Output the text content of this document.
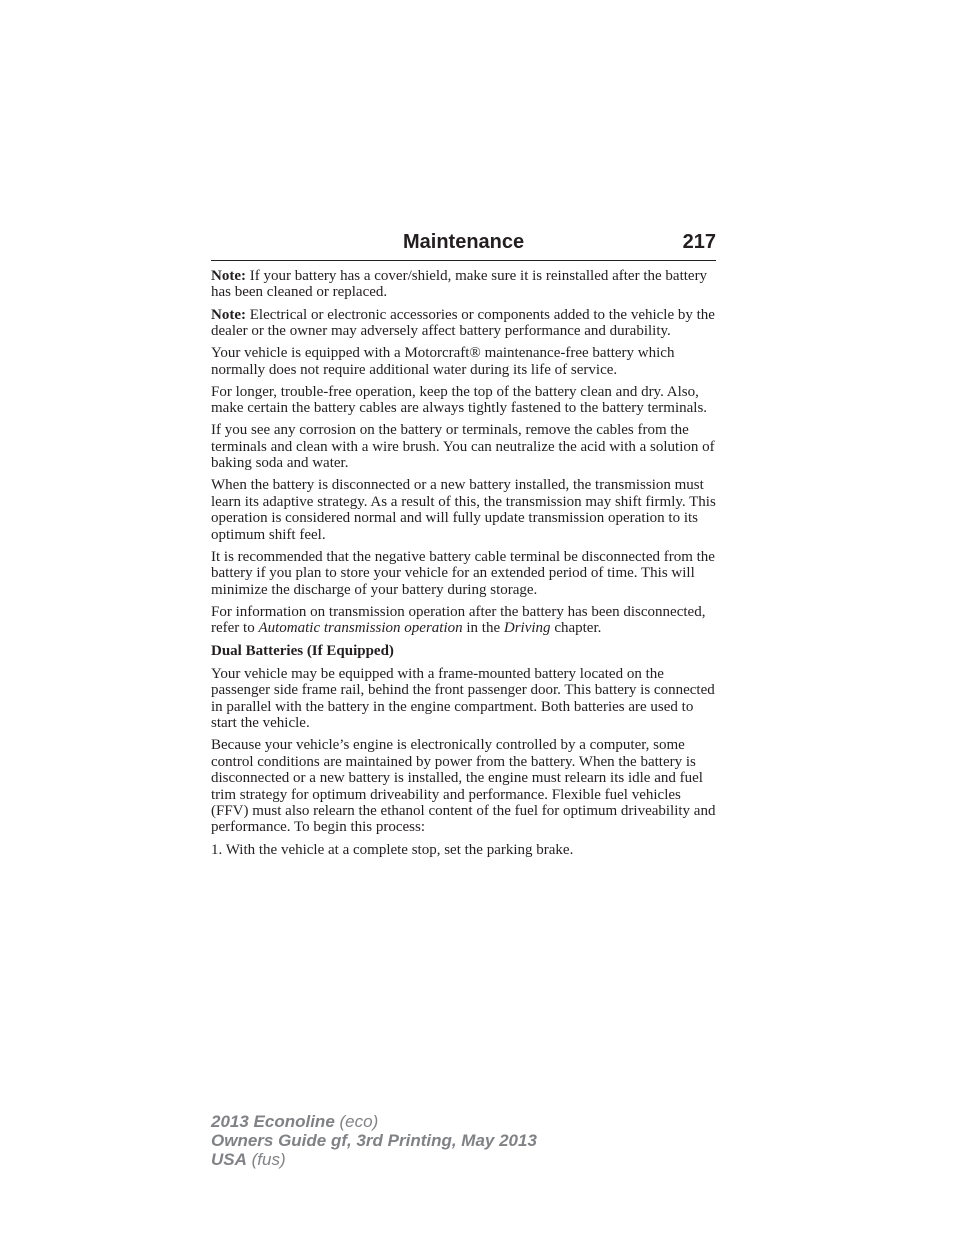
Maintenance	217

Note: If your battery has a cover/shield, make sure it is reinstalled after the battery has been cleaned or replaced.

Note: Electrical or electronic accessories or components added to the vehicle by the dealer or the owner may adversely affect battery performance and durability.

Your vehicle is equipped with a Motorcraft® maintenance-free battery which normally does not require additional water during its life of service.

For longer, trouble-free operation, keep the top of the battery clean and dry. Also, make certain the battery cables are always tightly fastened to the battery terminals.

If you see any corrosion on the battery or terminals, remove the cables from the terminals and clean with a wire brush. You can neutralize the acid with a solution of baking soda and water.

When the battery is disconnected or a new battery installed, the transmission must learn its adaptive strategy. As a result of this, the transmission may shift firmly. This operation is considered normal and will fully update transmission operation to its optimum shift feel.

It is recommended that the negative battery cable terminal be disconnected from the battery if you plan to store your vehicle for an extended period of time. This will minimize the discharge of your battery during storage.

For information on transmission operation after the battery has been disconnected, refer to Automatic transmission operation in the Driving chapter.

Dual Batteries (If Equipped)

Your vehicle may be equipped with a frame-mounted battery located on the passenger side frame rail, behind the front passenger door. This battery is connected in parallel with the battery in the engine compartment. Both batteries are used to start the vehicle.

Because your vehicle’s engine is electronically controlled by a computer, some control conditions are maintained by power from the battery. When the battery is disconnected or a new battery is installed, the engine must relearn its idle and fuel trim strategy for optimum driveability and performance. Flexible fuel vehicles (FFV) must also relearn the ethanol content of the fuel for optimum driveability and performance. To begin this process:

1. With the vehicle at a complete stop, set the parking brake.

2013 Econoline (eco)
Owners Guide gf, 3rd Printing, May 2013
USA (fus)
